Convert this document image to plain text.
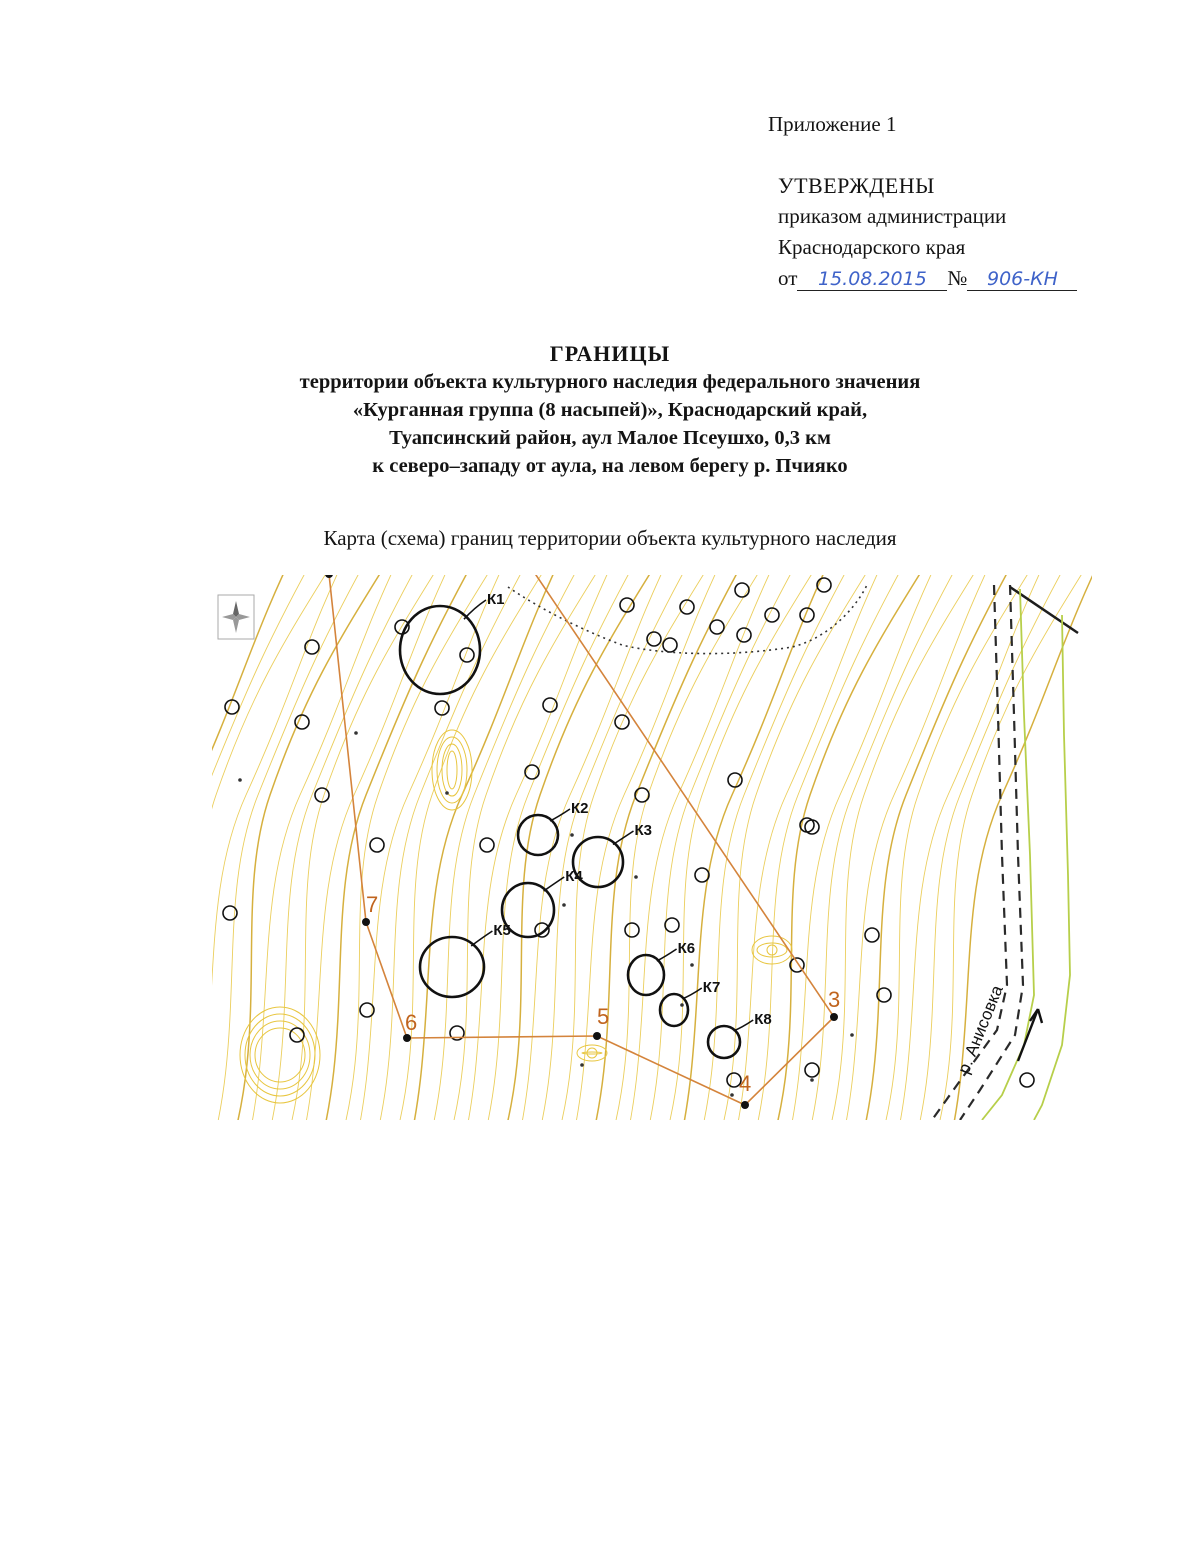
Приложение 1
УТВЕРЖДЕНЫ
приказом администрации
Краснодарского края
от 15.08.2015 № 906-КН
ГРАНИЦЫ
территории объекта культурного наследия федерального значения
«Курганная группа (8 насыпей)», Краснодарский край,
Туапсинский район, аул Малое Псеушхо, 0,3 км
к северо–западу от аула, на левом берегу р. Пчияко
Карта (схема) границ территории объекта культурного наследия
3
4
5
6
7
К1
К2
К3
К4
К5
К6
К7
К8	р. Анисовка
